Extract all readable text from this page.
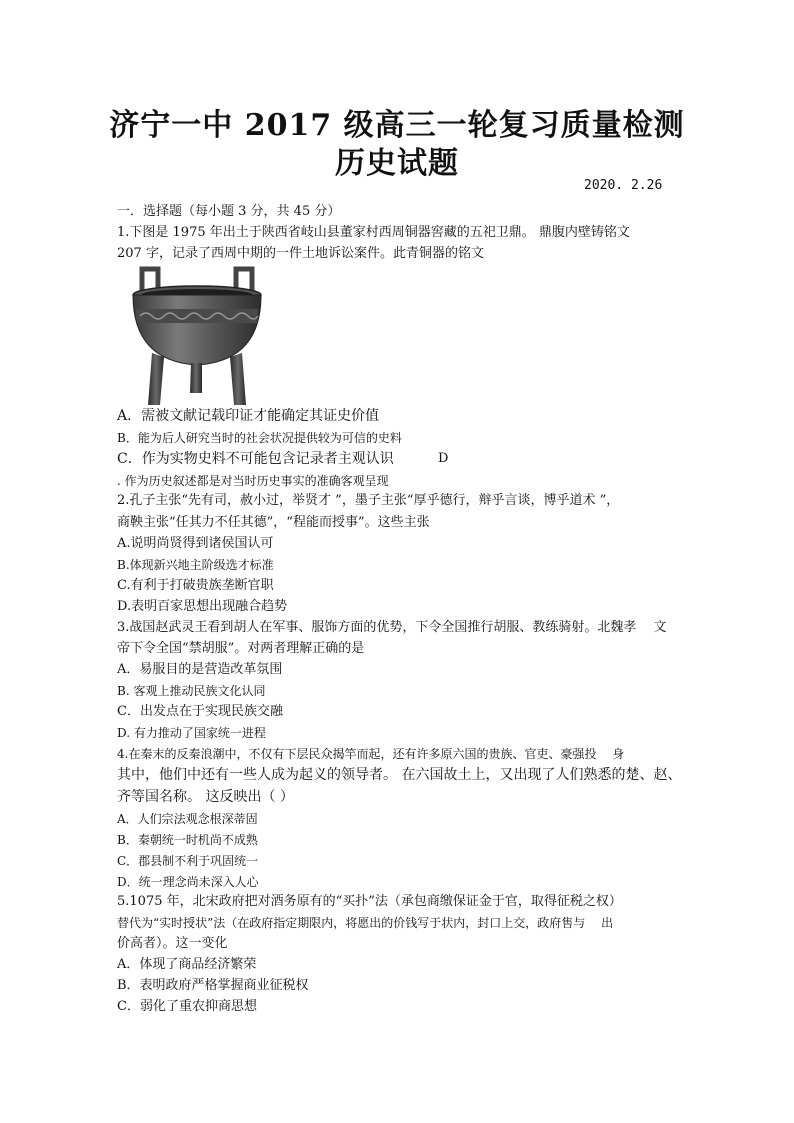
济宁一中 2017 级高三一轮复习质量检测
历史试题
2020. 2.26
一．选择题（每小题 3 分，共 45 分）
1.下图是 1975 年出土于陕西省岐山县董家村西周铜器窖藏的五祀卫鼎。 鼎腹内壁铸铭文
207 字，记录了西周中期的一件土地诉讼案件。此青铜器的铭文
A．需被文献记载印证才能确定其证史价值
B．能为后人研究当时的社会状况提供较为可信的史料
C．作为实物史料不可能包含记录者主观认识	D
. 作为历史叙述都是对当时历史事实的准确客观呈现
2.孔子主张“先有司，赦小过，举贤才 ”，墨子主张“厚乎德行，辩乎言谈，博乎道术 ”，
商鞅主张“任其力不任其德”，“程能而授事”。这些主张
A.说明尚贤得到诸侯国认可
B.体现新兴地主阶级选才标准
C.有利于打破贵族垄断官职
D.表明百家思想出现融合趋势
3.战国赵武灵王看到胡人在军事、服饰方面的优势，下令全国推行胡服、教练骑射。北魏孝　 文
帝下令全国“禁胡服”。对两者理解正确的是
A．易服目的是营造改革氛围
B. 客观上推动民族文化认同
C．出发点在于实现民族交融
D. 有力推动了国家统一进程
4.在秦末的反秦浪潮中，不仅有下层民众揭竿而起，还有许多原六国的贵族、官吏、豪强投　 身
其中，他们中还有一些人成为起义的领导者。 在六国故土上，又出现了人们熟悉的楚、赵、
齐等国名称。 这反映出（ ）
A．人们宗法观念根深蒂固
B．秦朝统一时机尚不成熟
C．郡县制不利于巩固统一
D．统一理念尚未深入人心
5.1075 年，北宋政府把对酒务原有的“买扑”法（承包商缴保证金于官，取得征税之权）
替代为“实时授状”法（在政府指定期限内，将愿出的价钱写于状内，封口上交，政府售与　 出
价高者）。这一变化
A．体现了商品经济繁荣
B．表明政府严格掌握商业征税权
C．弱化了重农抑商思想
